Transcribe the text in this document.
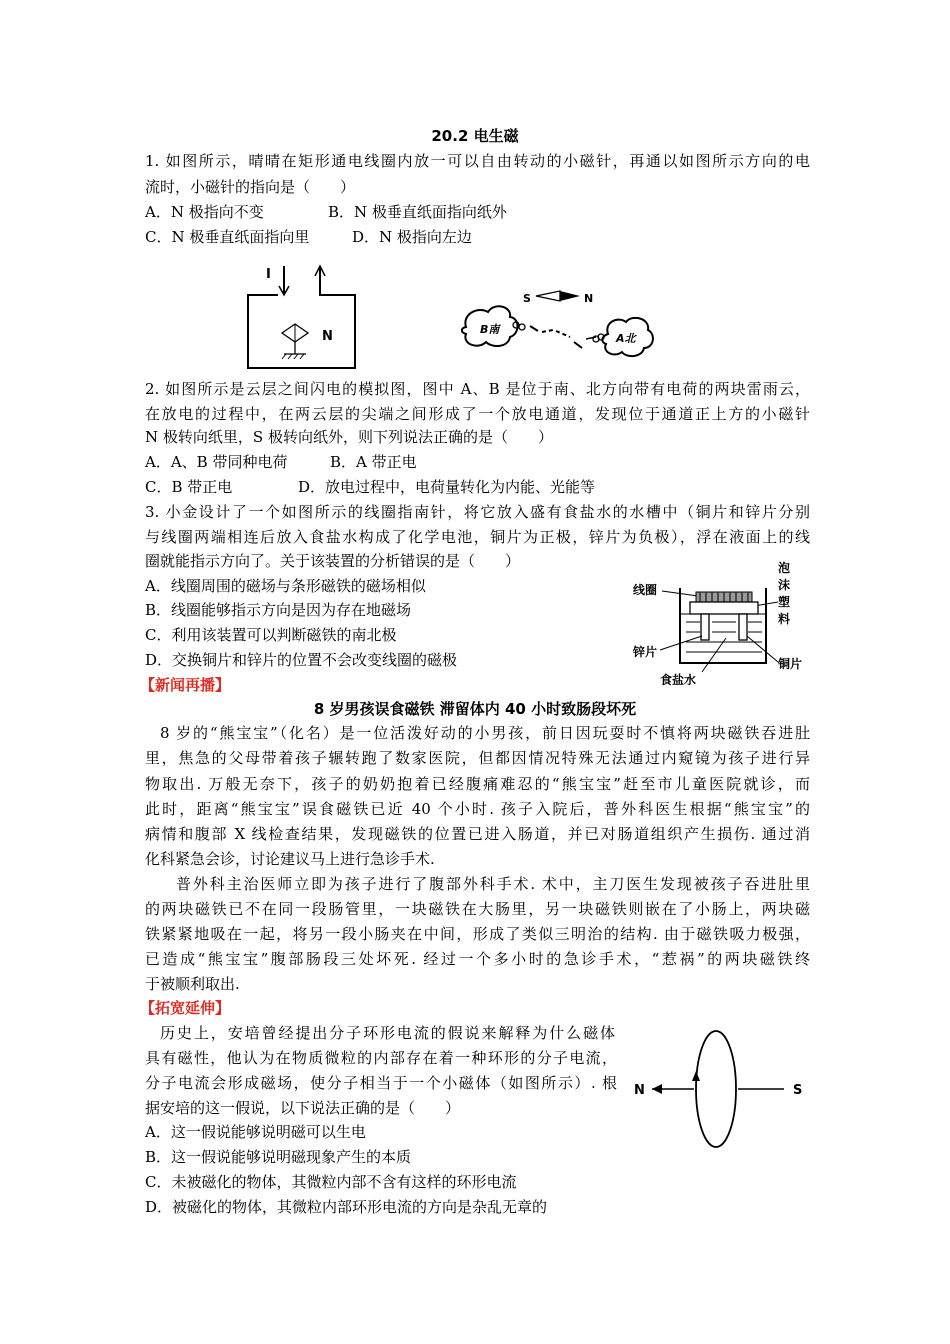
20.2 电生磁
1. 如图所示，晴晴在矩形通电线圈内放一可以自由转动的小磁针，再通以如图所示方向的电
流时，小磁针的指向是（　　）
A．N 极指向不变	B．N 极垂直纸面指向纸外
C．N 极垂直纸面指向里	D．N 极指向左边
I
N
S	N
B南
A北
2. 如图所示是云层之间闪电的模拟图，图中 A、B 是位于南、北方向带有电荷的两块雷雨云，
在放电的过程中，在两云层的尖端之间形成了一个放电通道，发现位于通道正上方的小磁针
N 极转向纸里，S 极转向纸外，则下列说法正确的是（　　）
A．A、B 带同种电荷	B．A 带正电
C．B 带正电	D．放电过程中，电荷量转化为内能、光能等
3. 小金设计了一个如图所示的线圈指南针，将它放入盛有食盐水的水槽中（铜片和锌片分别
与线圈两端相连后放入食盐水构成了化学电池，铜片为正极，锌片为负极），浮在液面上的线
圈就能指示方向了。关于该装置的分析错误的是（　　）
A．线圈周围的磁场与条形磁铁的磁场相似
B．线圈能够指示方向是因为存在地磁场
C．利用该装置可以判断磁铁的南北极
D．交换铜片和锌片的位置不会改变线圈的磁极
线圈
泡
沫
塑
料
锌片
铜片
食盐水
【新闻再播】
8 岁男孩误食磁铁 滞留体内 40 小时致肠段坏死
8 岁的“熊宝宝”（化名）是一位活泼好动的小男孩，前日因玩耍时不慎将两块磁铁吞进肚
里，焦急的父母带着孩子辗转跑了数家医院，但都因情况特殊无法通过内窥镜为孩子进行异
物取出. 万般无奈下，孩子的奶奶抱着已经腹痛难忍的“熊宝宝”赶至市儿童医院就诊，而
此时，距离“熊宝宝”误食磁铁已近 40 个小时. 孩子入院后，普外科医生根据“熊宝宝”的
病情和腹部 X 线检查结果，发现磁铁的位置已进入肠道，并已对肠道组织产生损伤. 通过消
化科紧急会诊，讨论建议马上进行急诊手术.
普外科主治医师立即为孩子进行了腹部外科手术. 术中，主刀医生发现被孩子吞进肚里
的两块磁铁已不在同一段肠管里，一块磁铁在大肠里，另一块磁铁则嵌在了小肠上，两块磁
铁紧紧地吸在一起，将另一段小肠夹在中间，形成了类似三明治的结构. 由于磁铁吸力极强，
已造成“熊宝宝”腹部肠段三处坏死. 经过一个多小时的急诊手术，“惹祸”的两块磁铁终
于被顺利取出.
【拓宽延伸】
历史上，安培曾经提出分子环形电流的假说来解释为什么磁体
具有磁性，他认为在物质微粒的内部存在着一种环形的分子电流，
分子电流会形成磁场，使分子相当于一个小磁体（如图所示）. 根
据安培的这一假说，以下说法正确的是（　　）
A．这一假说能够说明磁可以生电
B．这一假说能够说明磁现象产生的本质
C．未被磁化的物体，其微粒内部不含有这样的环形电流
D．被磁化的物体，其微粒内部环形电流的方向是杂乱无章的
N	S
